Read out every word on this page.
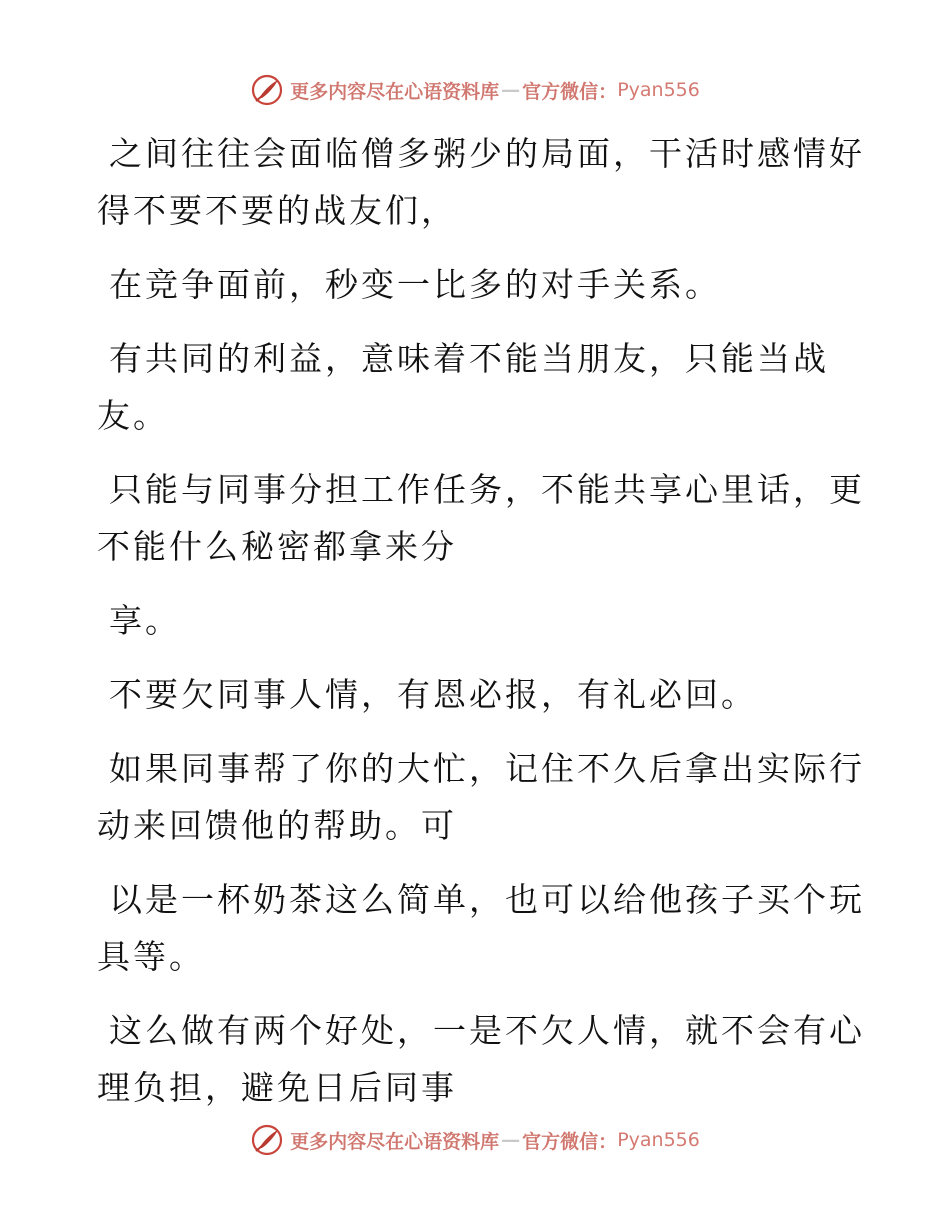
更多内容尽在心语资料库 — 官方微信： Pyan556

之间往往会面临僧多粥少的局面，干活时感情好
得不要不要的战友们，

在竞争面前，秒变一比多的对手关系。

有共同的利益，意味着不能当朋友，只能当战
友。

只能与同事分担工作任务，不能共享心里话，更
不能什么秘密都拿来分

享。

不要欠同事人情，有恩必报，有礼必回。

如果同事帮了你的大忙，记住不久后拿出实际行
动来回馈他的帮助。可

以是一杯奶茶这么简单，也可以给他孩子买个玩
具等。

这么做有两个好处，一是不欠人情，就不会有心
理负担，避免日后同事

更多内容尽在心语资料库 — 官方微信： Pyan556
